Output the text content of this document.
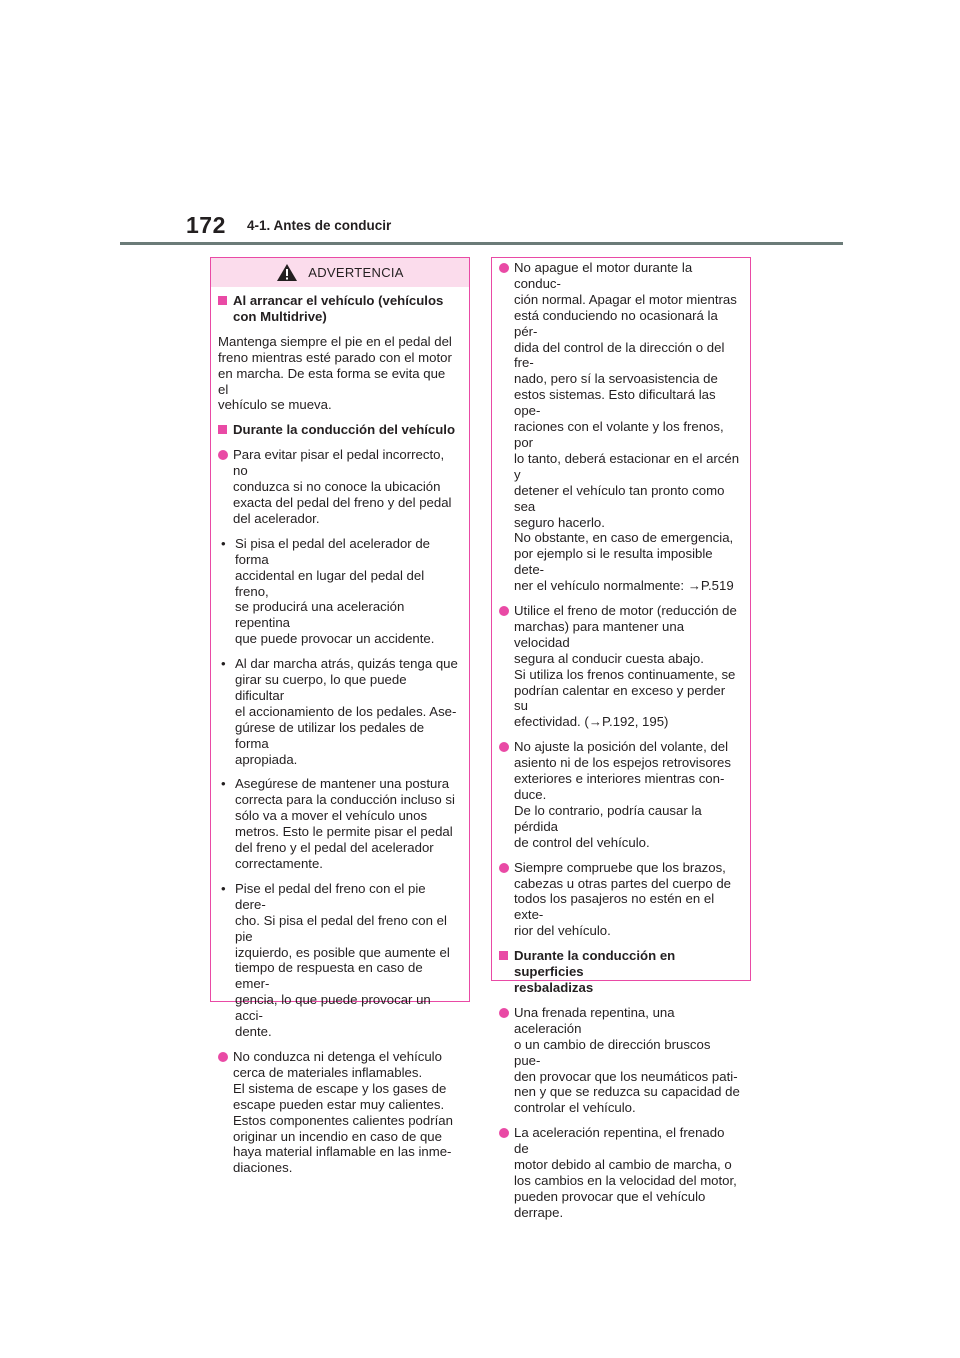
172 4-1. Antes de conducir
ADVERTENCIA
Al arrancar el vehículo (vehículos
con Multidrive)
Mantenga siempre el pie en el pedal del
freno mientras esté parado con el motor
en marcha. De esta forma se evita que el
vehículo se mueva.
Durante la conducción del vehículo
Para evitar pisar el pedal incorrecto, no
conduzca si no conoce la ubicación
exacta del pedal del freno y del pedal
del acelerador.
• Si pisa el pedal del acelerador de forma
accidental en lugar del pedal del freno,
se producirá una aceleración repentina
que puede provocar un accidente.
• Al dar marcha atrás, quizás tenga que
girar su cuerpo, lo que puede dificultar
el accionamiento de los pedales. Ase-
gúrese de utilizar los pedales de forma
apropiada.
• Asegúrese de mantener una postura
correcta para la conducción incluso si
sólo va a mover el vehículo unos
metros. Esto le permite pisar el pedal
del freno y el pedal del acelerador
correctamente.
• Pise el pedal del freno con el pie dere-
cho. Si pisa el pedal del freno con el pie
izquierdo, es posible que aumente el
tiempo de respuesta en caso de emer-
gencia, lo que puede provocar un acci-
dente.
No conduzca ni detenga el vehículo
cerca de materiales inflamables.
El sistema de escape y los gases de
escape pueden estar muy calientes.
Estos componentes calientes podrían
originar un incendio en caso de que
haya material inflamable en las inme-
diaciones.
No apague el motor durante la conduc-
ción normal. Apagar el motor mientras
está conduciendo no ocasionará la pér-
dida del control de la dirección o del fre-
nado, pero sí la servoasistencia de
estos sistemas. Esto dificultará las ope-
raciones con el volante y los frenos, por
lo tanto, deberá estacionar en el arcén y
detener el vehículo tan pronto como sea
seguro hacerlo.
No obstante, en caso de emergencia,
por ejemplo si le resulta imposible dete-
ner el vehículo normalmente: →P.519
Utilice el freno de motor (reducción de
marchas) para mantener una velocidad
segura al conducir cuesta abajo.
Si utiliza los frenos continuamente, se
podrían calentar en exceso y perder su
efectividad. (→P.192, 195)
No ajuste la posición del volante, del
asiento ni de los espejos retrovisores
exteriores e interiores mientras con-
duce.
De lo contrario, podría causar la pérdida
de control del vehículo.
Siempre compruebe que los brazos,
cabezas u otras partes del cuerpo de
todos los pasajeros no estén en el exte-
rior del vehículo.
Durante la conducción en superficies
resbaladizas
Una frenada repentina, una aceleración
o un cambio de dirección bruscos pue-
den provocar que los neumáticos pati-
nen y que se reduzca su capacidad de
controlar el vehículo.
La aceleración repentina, el frenado de
motor debido al cambio de marcha, o
los cambios en la velocidad del motor,
pueden provocar que el vehículo
derrape.
